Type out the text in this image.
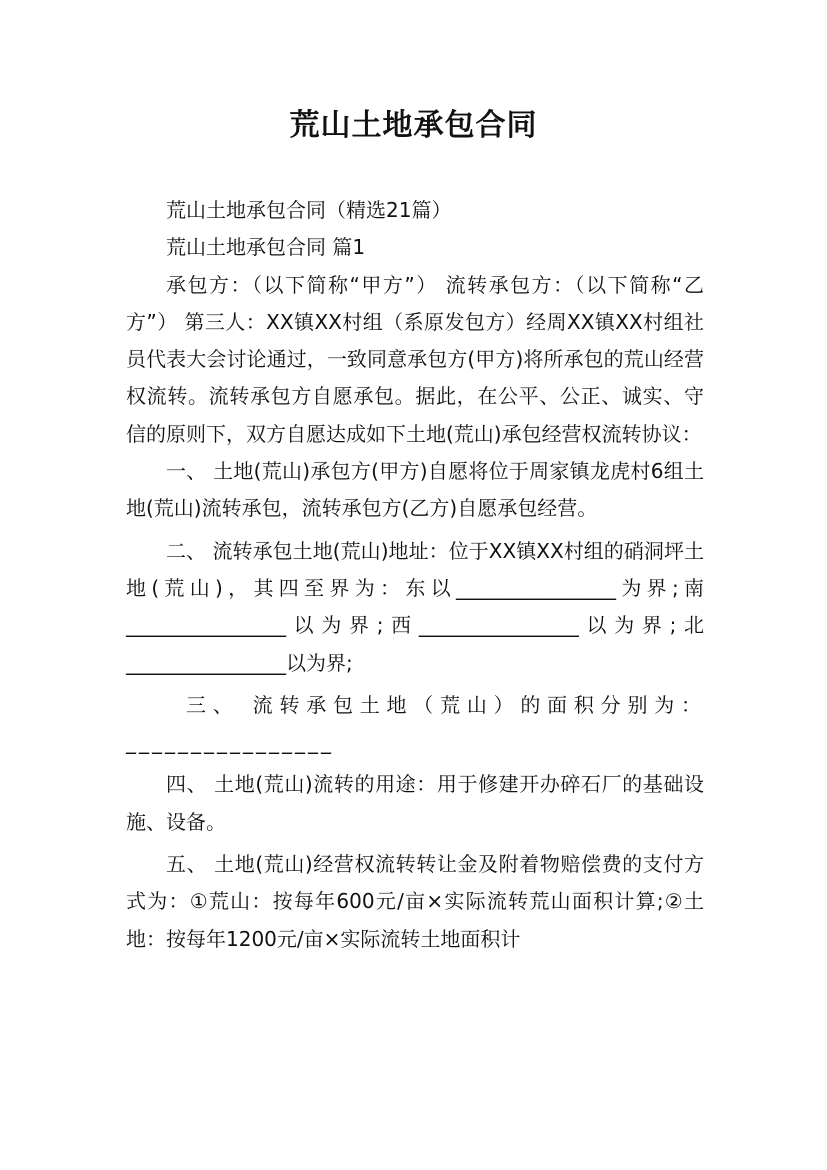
荒山土地承包合同

荒山土地承包合同（精选21篇）

荒山土地承包合同 篇1

承包方：（以下简称“甲方”） 流转承包方：（以下简称“乙方”） 第三人：XX镇XX村组（系原发包方）经周XX镇XX村组社员代表大会讨论通过，一致同意承包方(甲方)将所承包的荒山经营权流转。流转承包方自愿承包。据此，在公平、公正、诚实、守信的原则下，双方自愿达成如下土地(荒山)承包经营权流转协议：

一、 土地(荒山)承包方(甲方)自愿将位于周家镇龙虎村6组土地(荒山)流转承包，流转承包方(乙方)自愿承包经营。

二、 流转承包土地(荒山)地址：位于XX镇XX村组的硝洞坪土地(荒山)，其四至界为：东以________________为界;南________________以为界;西________________以为界;北________________以为界;

三、 流转承包土地（荒山）的面积分别为：________________

四、 土地(荒山)流转的用途：用于修建开办碎石厂的基础设施、设备。

五、 土地(荒山)经营权流转转让金及附着物赔偿费的支付方式为：①荒山：按每年600元/亩×实际流转荒山面积计算;②土地：按每年1200元/亩×实际流转土地面积计
